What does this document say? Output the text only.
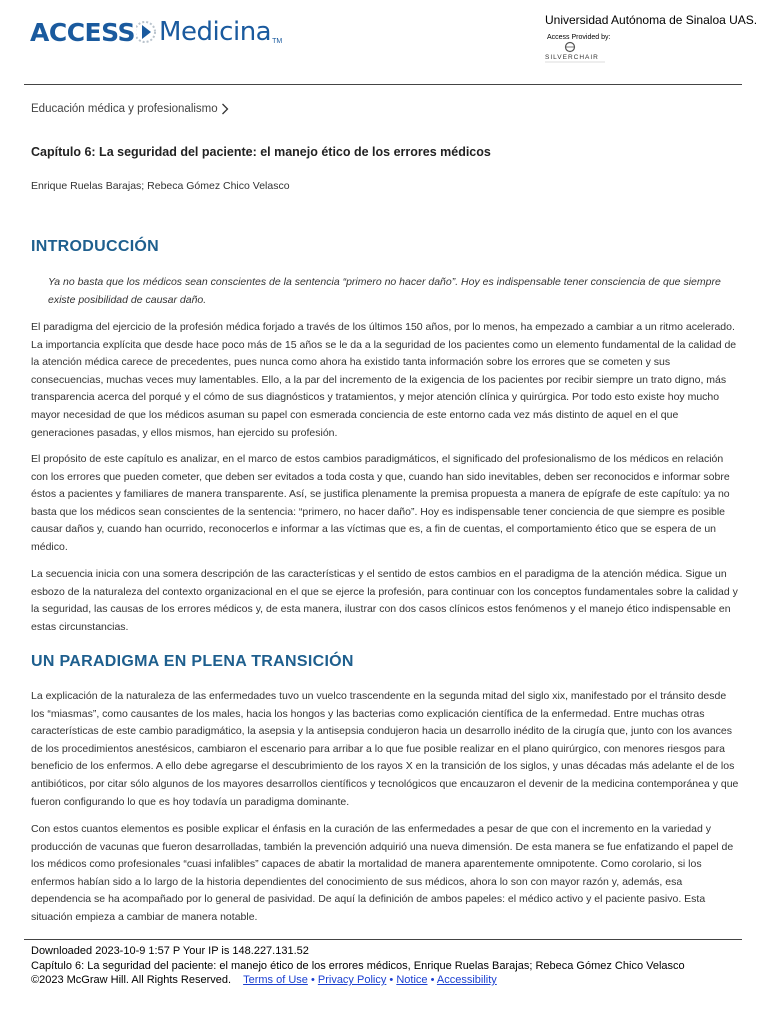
ACCESS Medicina TM
Universidad Autónoma de Sinaloa UAS.
Access Provided by:
SILVERCHAIR
Educación médica y profesionalismo
Capítulo 6: La seguridad del paciente: el manejo ético de los errores médicos
Enrique Ruelas Barajas; Rebeca Gómez Chico Velasco
INTRODUCCIÓN
Ya no basta que los médicos sean conscientes de la sentencia “primero no hacer daño”. Hoy es indispensable tener consciencia de que siempre existe posibilidad de causar daño.
El paradigma del ejercicio de la profesión médica forjado a través de los últimos 150 años, por lo menos, ha empezado a cambiar a un ritmo acelerado. La importancia explícita que desde hace poco más de 15 años se le da a la seguridad de los pacientes como un elemento fundamental de la calidad de la atención médica carece de precedentes, pues nunca como ahora ha existido tanta información sobre los errores que se cometen y sus consecuencias, muchas veces muy lamentables. Ello, a la par del incremento de la exigencia de los pacientes por recibir siempre un trato digno, más transparencia acerca del porqué y el cómo de sus diagnósticos y tratamientos, y mejor atención clínica y quirúrgica. Por todo esto existe hoy mucho mayor necesidad de que los médicos asuman su papel con esmerada conciencia de este entorno cada vez más distinto de aquel en el que generaciones pasadas, y ellos mismos, han ejercido su profesión.
El propósito de este capítulo es analizar, en el marco de estos cambios paradigmáticos, el significado del profesionalismo de los médicos en relación con los errores que pueden cometer, que deben ser evitados a toda costa y que, cuando han sido inevitables, deben ser reconocidos e informar sobre éstos a pacientes y familiares de manera transparente. Así, se justifica plenamente la premisa propuesta a manera de epígrafe de este capítulo: ya no basta que los médicos sean conscientes de la sentencia: “primero, no hacer daño”. Hoy es indispensable tener conciencia de que siempre es posible causar daños y, cuando han ocurrido, reconocerlos e informar a las víctimas que es, a fin de cuentas, el comportamiento ético que se espera de un médico.
La secuencia inicia con una somera descripción de las características y el sentido de estos cambios en el paradigma de la atención médica. Sigue un esbozo de la naturaleza del contexto organizacional en el que se ejerce la profesión, para continuar con los conceptos fundamentales sobre la calidad y la seguridad, las causas de los errores médicos y, de esta manera, ilustrar con dos casos clínicos estos fenómenos y el manejo ético indispensable en estas circunstancias.
UN PARADIGMA EN PLENA TRANSICIÓN
La explicación de la naturaleza de las enfermedades tuvo un vuelco trascendente en la segunda mitad del siglo xix, manifestado por el tránsito desde los “miasmas”, como causantes de los males, hacia los hongos y las bacterias como explicación científica de la enfermedad. Entre muchas otras características de este cambio paradigmático, la asepsia y la antisepsia condujeron hacia un desarrollo inédito de la cirugía que, junto con los avances de los procedimientos anestésicos, cambiaron el escenario para arribar a lo que fue posible realizar en el plano quirúrgico, con menores riesgos para beneficio de los enfermos. A ello debe agregarse el descubrimiento de los rayos X en la transición de los siglos, y unas décadas más adelante el de los antibióticos, por citar sólo algunos de los mayores desarrollos científicos y tecnológicos que encauzaron el devenir de la medicina contemporánea y que fueron configurando lo que es hoy todavía un paradigma dominante.
Con estos cuantos elementos es posible explicar el énfasis en la curación de las enfermedades a pesar de que con el incremento en la variedad y producción de vacunas que fueron desarrolladas, también la prevención adquirió una nueva dimensión. De esta manera se fue enfatizando el papel de los médicos como profesionales “cuasi infalibles” capaces de abatir la mortalidad de manera aparentemente omnipotente. Como corolario, si los enfermos habían sido a lo largo de la historia dependientes del conocimiento de sus médicos, ahora lo son con mayor razón y, además, esa dependencia se ha acompañado por lo general de pasividad. De aquí la definición de ambos papeles: el médico activo y el paciente pasivo. Esta situación empieza a cambiar de manera notable.
Downloaded 2023-10-9 1:57 P Your IP is 148.227.131.52
Capítulo 6: La seguridad del paciente: el manejo ético de los errores médicos, Enrique Ruelas Barajas; Rebeca Gómez Chico Velasco
©2023 McGraw Hill. All Rights Reserved. Terms of Use • Privacy Policy • Notice • Accessibility
